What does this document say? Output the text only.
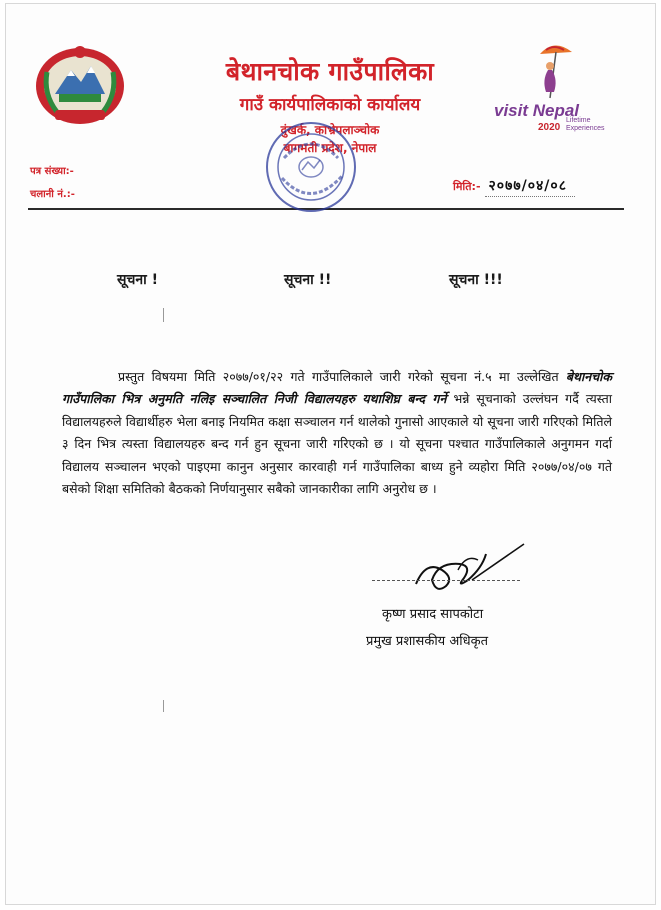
बेथानचोक गाउँपालिका
गाउँ कार्यपालिकाको कार्यालय
दुंखर्क, काभ्रेपलाञ्चोक
बागमती प्रदेश, नेपाल
visit Nepal
2020
Lifetime
Experiences
पत्र संख्या:-
चलानी नं.:-
मिति:- २०७७/०४/०८
सूचना !	सूचना !!	सूचना !!!

प्रस्तुत विषयमा मिति २०७७/०१/२२ गते गाउँपालिकाले जारी गरेको सूचना नं.५ मा उल्लेखित बेथानचोक गाउँपालिका भित्र अनुमति नलिइ सञ्चालित निजी विद्यालयहरु यथाशिघ्र बन्द गर्ने भन्ने सूचनाको उल्लंघन गर्दै त्यस्ता विद्यालयहरुले विद्यार्थीहरु भेला बनाइ नियमित कक्षा सञ्चालन गर्न थालेको गुनासो आएकाले यो सूचना जारी गरिएको मितिले ३ दिन भित्र त्यस्ता विद्यालयहरु बन्द गर्न हुन सूचना जारी गरिएको छ । यो सूचना पश्चात गाउँपालिकाले अनुगमन गर्दा विद्यालय सञ्चालन भएको पाइएमा कानुन अनुसार कारवाही गर्न गाउँपालिका बाध्य हुने व्यहोरा मिति २०७७/०४/०७ गते बसेको शिक्षा समितिको बैठकको निर्णयानुसार सबैको जानकारीका लागि अनुरोध छ ।

कृष्ण प्रसाद सापकोटा
प्रमुख प्रशासकीय अधिकृत
